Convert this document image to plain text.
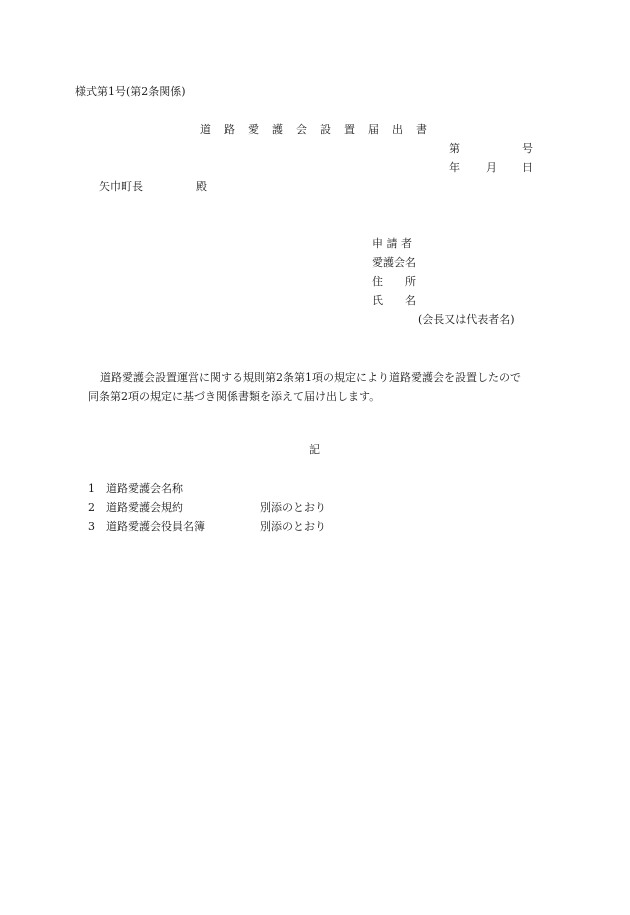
様式第1号(第2条関係)
道 路 愛 護 会 設 置 届 出 書
第	号
年 月 日
矢巾町長	殿
申 請 者
愛護会名
住　　所
氏　　名
(会長又は代表者名)
道路愛護会設置運営に関する規則第2条第1項の規定により道路愛護会を設置したので
同条第2項の規定に基づき関係書類を添えて届け出します。
記
1 道路愛護会名称
2 道路愛護会規約	別添のとおり
3 道路愛護会役員名簿	別添のとおり
